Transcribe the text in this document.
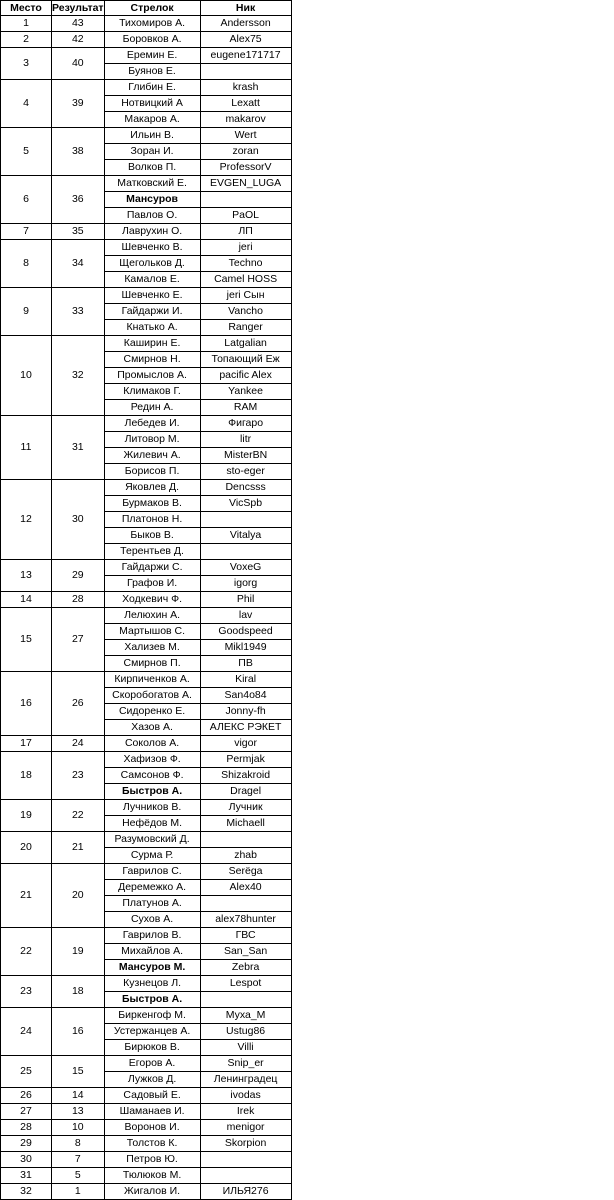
Место	Результат	Стрелок	Ник
1	43	Тихомиров А.	Andersson
2	42	Боровков А.	Alex75
3	40	Еремин Е.	eugene171717
		Буянов Е.	
4	39	Глибин Е.	krash
		Нотвицкий А	Lexatt
		Макаров А.	makarov
5	38	Ильин В.	Wert
		Зоран И.	zoran
		Волков П.	ProfessorV
6	36	Матковский Е.	EVGEN_LUGA
		Мансуров	
		Павлов О.	PaOL
7	35	Лаврухин О.	ЛП
8	34	Шевченко В.	jeri
		Щегольков Д.	Techno
		Камалов Е.	Camel HOSS
9	33	Шевченко Е.	jeri Сын
		Гайдаржи И.	Vancho
		Кнатько А.	Ranger
10	32	Каширин Е.	Latgalian
		Смирнов Н.	Топающий Еж
		Промыслов А.	pacific Alex
		Климаков Г.	Yankee
		Редин А.	RAM
11	31	Лебедев И.	Фигаро
		Литовор М.	litr
		Жилевич А.	MisterBN
		Борисов П.	sto-eger
12	30	Яковлев Д.	Dencsss
		Бурмаков В.	VicSpb
		Платонов Н.	
		Быков В.	Vitalya
		Терентьев Д.	
13	29	Гайдаржи С.	VoxeG
		Графов И.	igorg
14	28	Ходкевич Ф.	Phil
15	27	Лелюхин А.	lav
		Мартышов С.	Goodspeed
		Хализев М.	Mikl1949
		Смирнов П.	ПВ
16	26	Кирпиченков А.	Kiral
		Скоробогатов А.	San4o84
		Сидоренко Е.	Jonny-fh
		Хазов А.	АЛЕКС РЭКЕТ
17	24	Соколов А.	vigor
18	23	Хафизов Ф.	Permjak
		Самсонов Ф.	Shizakroid
		Быстров А.	Dragel
19	22	Лучников В.	Лучник
		Нефёдов М.	Michaell
20	21	Разумовский Д.	
		Сурма Р.	zhab
21	20	Гаврилов С.	Serёga
		Деремежко А.	Alex40
		Платунов А.	
		Сухов А.	alex78hunter
22	19	Гаврилов В.	ГВС
		Михайлов А.	San_San
		Мансуров М.	Zebra
23	18	Кузнецов Л.	Lespot
		Быстров А.	
24	16	Биркенгоф М.	Муха_М
		Устержанцев А.	Ustug86
		Бирюков В.	Villi
25	15	Егоров А.	Snip_er
		Лужков Д.	Ленинградец
26	14	Садовый Е.	ivodas
27	13	Шаманаев И.	Irek
28	10	Воронов И.	menigor
29	8	Толстов К.	Skorpion
30	7	Петров Ю.	
31	5	Тюлюков М.	
32	1	Жигалов И.	ИЛЬЯ276
